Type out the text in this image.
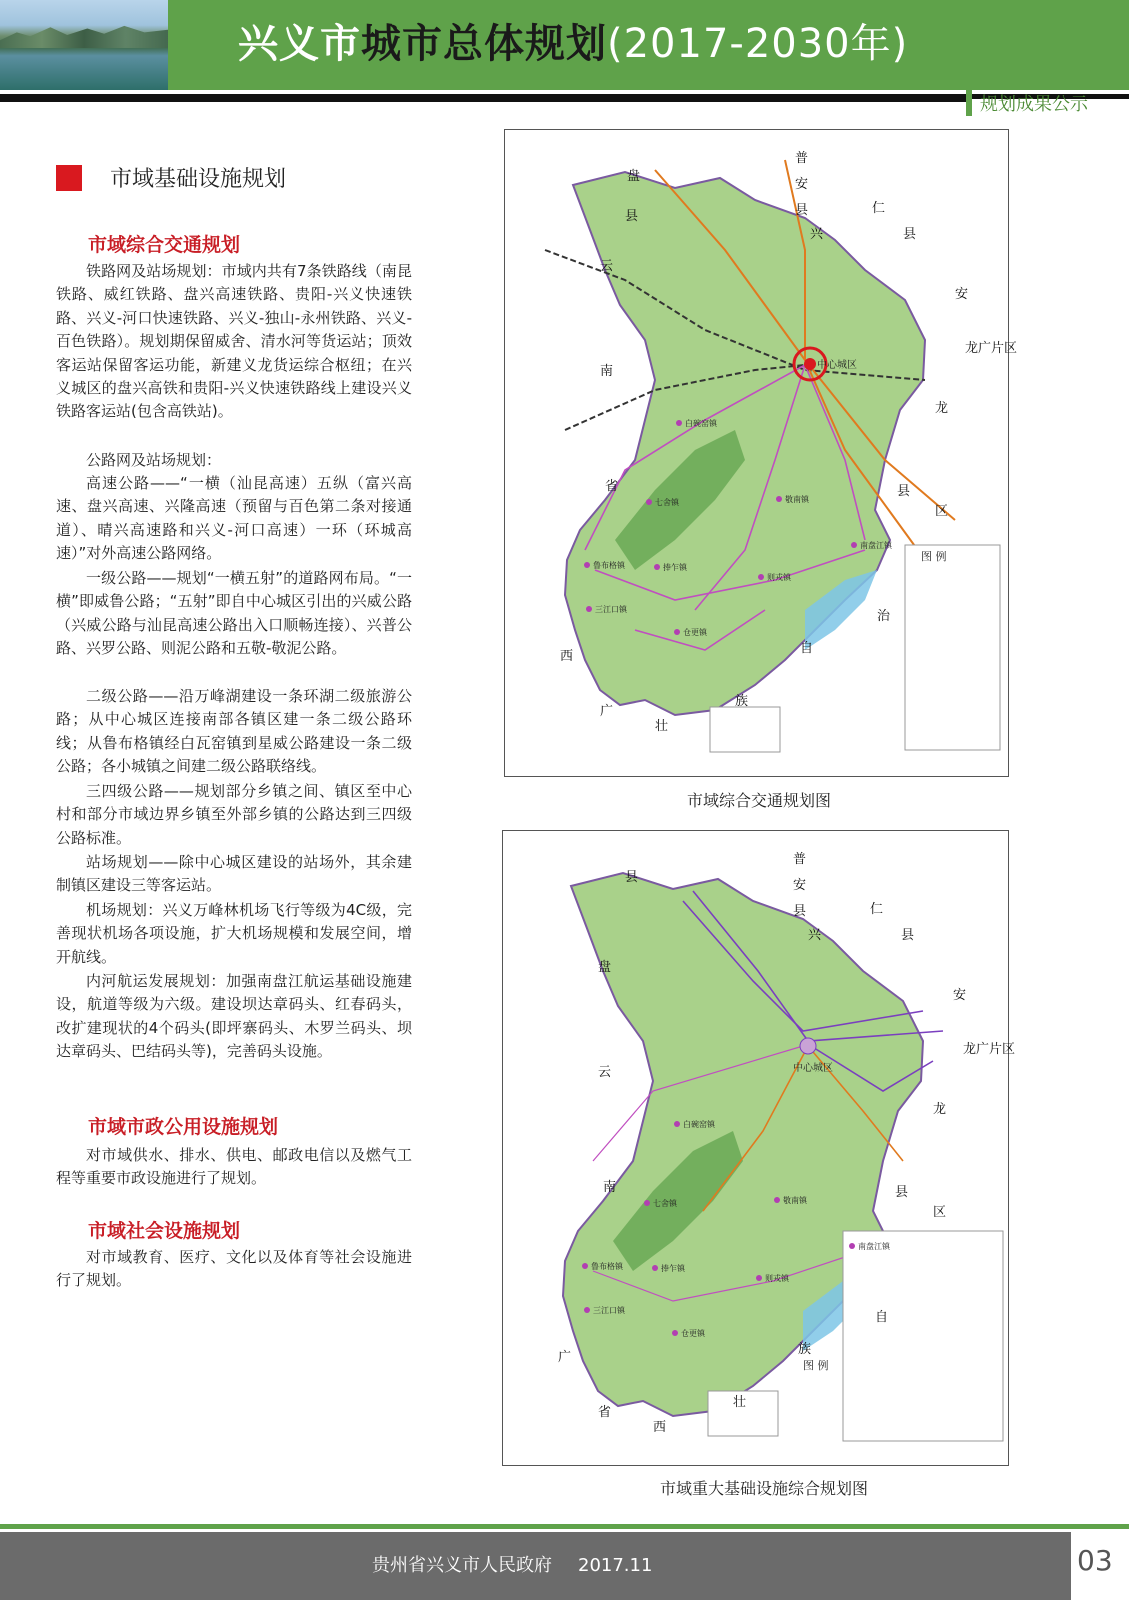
兴义市城市总体规划(2017-2030年)
规划成果公示
市域基础设施规划
市域综合交通规划

铁路网及站场规划：市域内共有7条铁路线（南昆铁路、威红铁路、盘兴高速铁路、贵阳-兴义快速铁路、兴义-河口快速铁路、兴义-独山-永州铁路、兴义-百色铁路）。规划期保留威舍、清水河等货运站；顶效客运站保留客运功能，新建义龙货运综合枢纽；在兴义城区的盘兴高铁和贵阳-兴义快速铁路线上建设兴义铁路客运站(包含高铁站)。

公路网及站场规划：

高速公路——“一横（汕昆高速）五纵（富兴高速、盘兴高速、兴隆高速（预留与百色第二条对接通道）、晴兴高速路和兴义-河口高速）一环（环城高速）”对外高速公路网络。

一级公路——规划“一横五射”的道路网布局。“一横”即威鲁公路；“五射”即自中心城区引出的兴威公路（兴威公路与汕昆高速公路出入口顺畅连接）、兴普公路、兴罗公路、则泥公路和五敬-敬泥公路。

二级公路——沿万峰湖建设一条环湖二级旅游公路；从中心城区连接南部各镇区建一条二级公路环线；从鲁布格镇经白瓦窑镇到星威公路建设一条二级公路；各小城镇之间建二级公路联络线。

三四级公路——规划部分乡镇之间、镇区至中心村和部分市域边界乡镇至外部乡镇的公路达到三四级公路标准。

站场规划——除中心城区建设的站场外，其余建制镇区建设三等客运站。

机场规划：兴义万峰林机场飞行等级为4C级，完善现状机场各项设施，扩大机场规模和发展空间，增开航线。

内河航运发展规划：加强南盘江航运基础设施建设，航道等级为六级。建设坝达章码头、红春码头，改扩建现状的4个码头(即坪寨码头、木罗兰码头、坝达章码头、巴结码头等)，完善码头设施。

市域市政公用设施规划

对市域供水、排水、供电、邮政电信以及燃气工程等重要市政设施进行了规划。

市域社会设施规划

对市域教育、医疗、文化以及体育等社会设施进行了规划。

图 例
中心城区
普
安
县
兴
仁
县
安
龙广片区
龙
县
区
治
自
族
壮
西
广
省
南
云
盘
县
白碗窑镇
七舍镇	敬南镇
鲁布格镇	捧乍镇
则戎镇
三江口镇
仓更镇
南盘江镇
市域综合交通规划图
图 例
中心城区
普
安
县
兴
仁
县
安
龙广片区
龙
县
区
自
族
壮
西
广
省
南
云
盘
县
白碗窑镇
七舍镇	敬南镇
鲁布格镇	捧乍镇
则戎镇
三江口镇
仓更镇
南盘江镇
市域重大基础设施综合规划图
贵州省兴义市人民政府 2017.11	03
